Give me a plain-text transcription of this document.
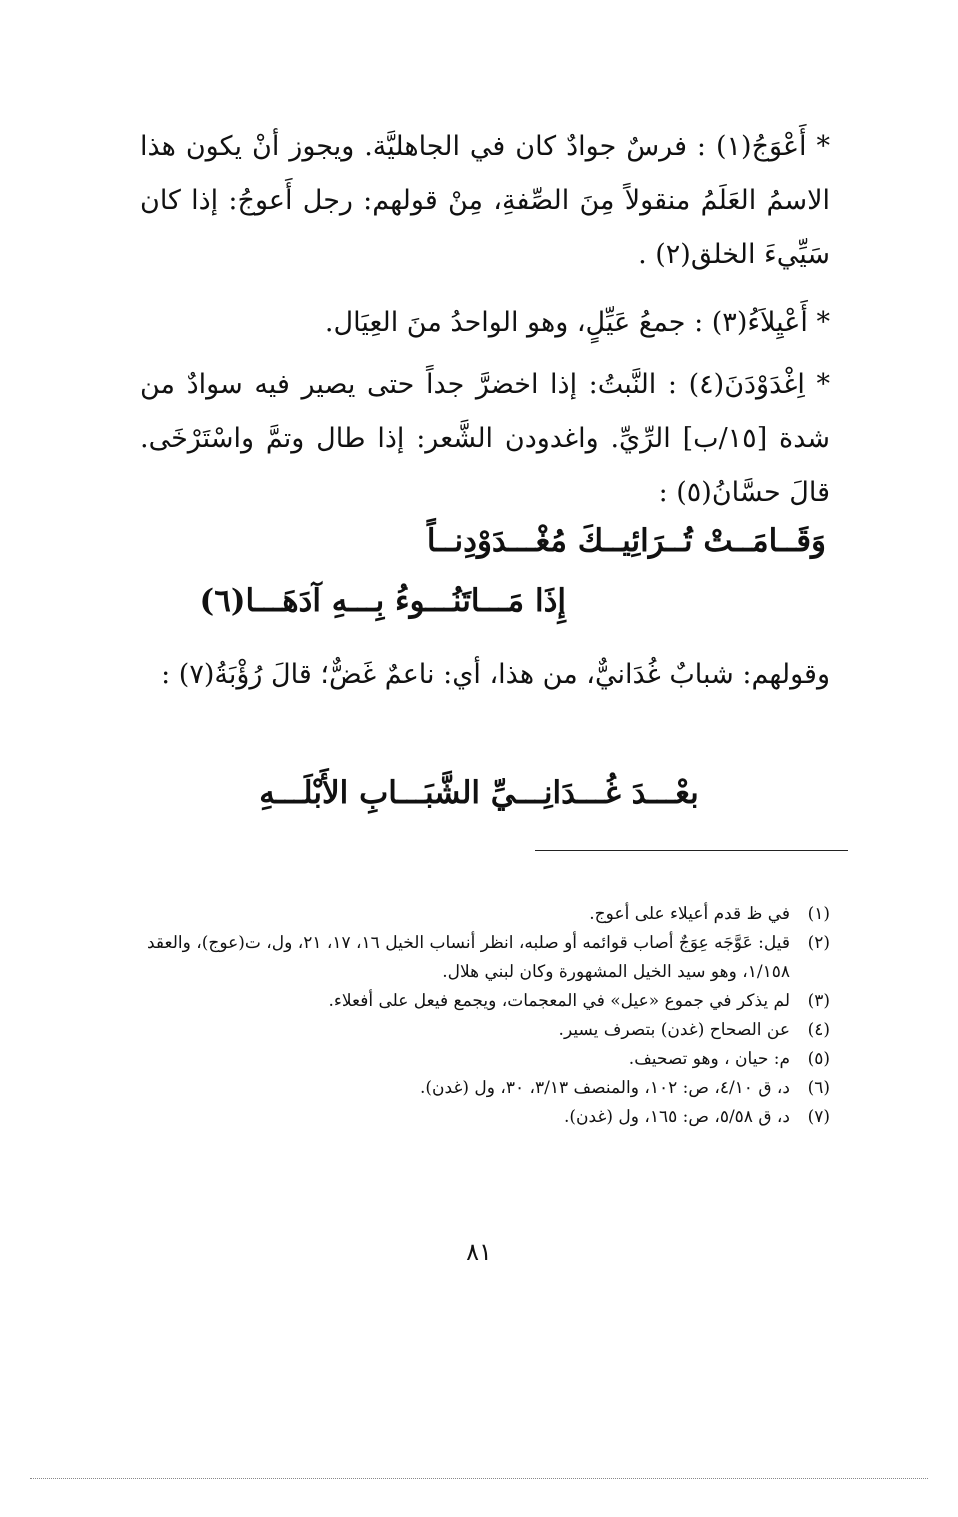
* أَعْوَجُ(١) : فرسٌ جوادٌ كان في الجاهليَّة. ويجوز أنْ يكون هذا الاسمُ العَلَمُ منقولاً مِنَ الصِّفةِ، مِنْ قولهم: رجل أَعوجُ: إذا كان سَيِّيءَ الخلق(٢) .

* أَعْيِلاَءُ(٣) : جمعُ عَيِّلٍ، وهو الواحدُ منَ العِيَال.

* اِغْدَوْدَنَ(٤) : النَّبتُ: إذا اخضرَّ جداً حتى يصير فيه سوادٌ من شدة [١٥/ب] الرِّيِّ. واغدودن الشَّعر: إذا طال وتمَّ واسْتَرْخَى. قالَ حسَّانُ(٥) :

وَقَــامَــتْ تُــرَائِيــكَ مُغْـــدَوْدِنــاً
إِذَا مَـــاتَنُـــوءُ بِـــهِ آدَهَـــا(٦)

وقولهم: شبابٌ غُدَانيٌّ، من هذا، أي: ناعمٌ غَضٌّ؛ قالَ رُؤْبَةُ(٧) :

بعْـــدَ غُـــدَانِـــيِّ الشَّبَـــابِ الأَبْلَـــهِ
(١)
في ظ قدم أعيلاء على أعوج.
(٢)
قيل: عَوَّجَه عِوَجٌ أصاب قوائمه أو صلبه، انظر أنساب الخيل ١٦، ١٧، ٢١، ول، ت(عوج)، والعقد ١/١٥٨، وهو سيد الخيل المشهورة وكان لبني هلال.
(٣)
لم يذكر في جموع «عيل» في المعجمات، ويجمع فيعل على أفعلاء.
(٤)
عن الصحاح (غدن) بتصرف يسير.
(٥)
م: حيان ، وهو تصحيف.
(٦)
د، ق ٤/١٠، ص: ١٠٢، والمنصف ٣/١٣، ٣٠، ول (غدن).
(٧)
د، ق ٥/٥٨، ص: ١٦٥، ول (غدن).
٨١
